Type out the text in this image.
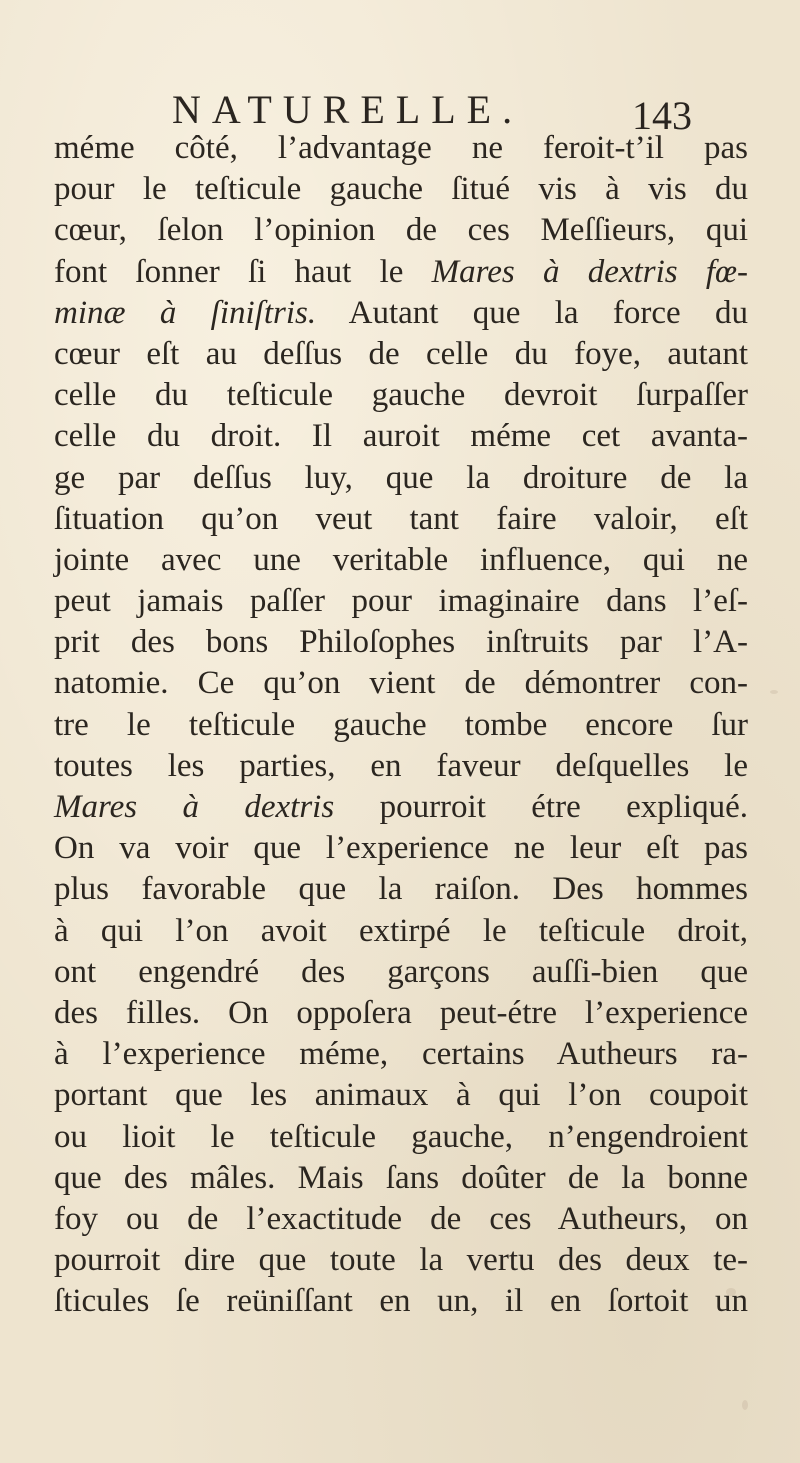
NATURELLE.	143
méme côté, l’advantage ne feroit-t’il pas
pour le teſticule gauche ſitué vis à vis du
cœur, ſelon l’opinion de ces Meſſieurs, qui
font ſonner ſi haut le Mares à dextris fœ-
minæ à ſiniſtris. Autant que la force du
cœur eſt au deſſus de celle du foye, autant
celle du teſticule gauche devroit ſurpaſſer
celle du droit. Il auroit méme cet avanta-
ge par deſſus luy, que la droiture de la
ſituation qu’on veut tant faire valoir, eſt
jointe avec une veritable influence, qui ne
peut jamais paſſer pour imaginaire dans l’eſ-
prit des bons Philoſophes inſtruits par l’A-
natomie. Ce qu’on vient de démontrer con-
tre le teſticule gauche tombe encore ſur
toutes les parties, en faveur deſquelles le
Mares à dextris pourroit étre expliqué.
On va voir que l’experience ne leur eſt pas
plus favorable que la raiſon. Des hommes
à qui l’on avoit extirpé le teſticule droit,
ont engendré des garçons auſſi-bien que
des filles. On oppoſera peut-étre l’experience
à l’experience méme, certains Autheurs ra-
portant que les animaux à qui l’on coupoit
ou lioit le teſticule gauche, n’engendroient
que des mâles. Mais ſans doûter de la bonne
foy ou de l’exactitude de ces Autheurs, on
pourroit dire que toute la vertu des deux te-
ſticules ſe reüniſſant en un, il en ſortoit un
